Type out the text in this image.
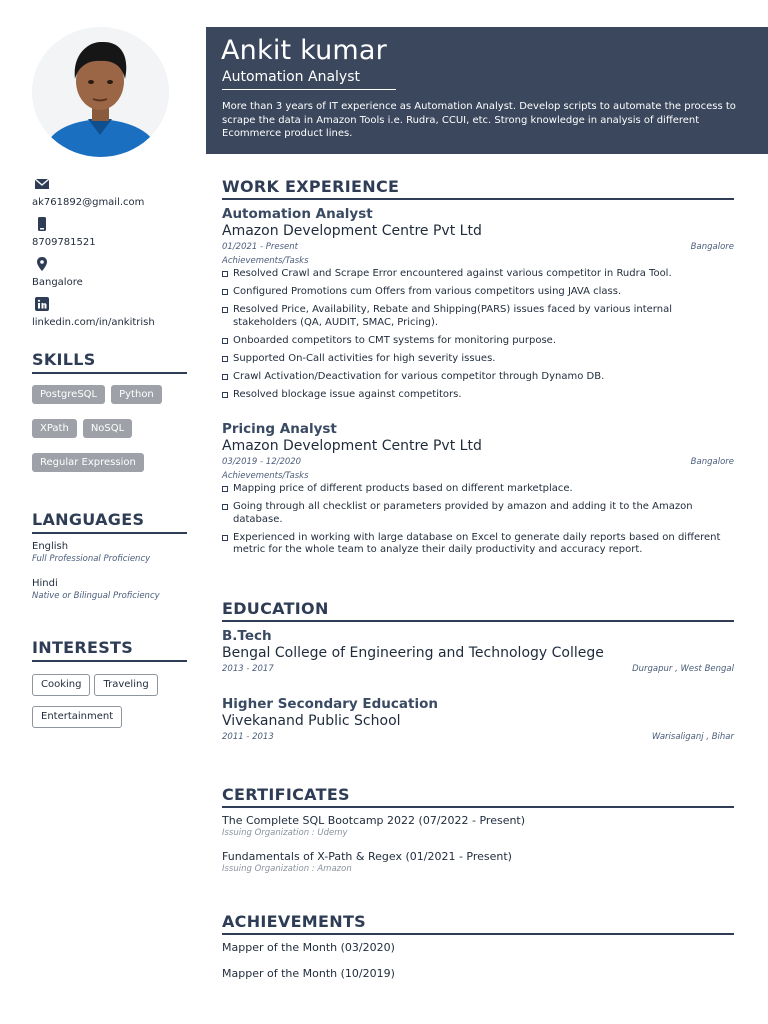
ak761892@gmail.com
8709781521
Bangalore
linkedin.com/in/ankitrish
SKILLS
PostgreSQL Python
XPath NoSQL
Regular Expression
LANGUAGES
English
Full Professional Proficiency
Hindi
Native or Bilingual Proficiency
INTERESTS
Cooking Traveling
Entertainment
Ankit kumar
Automation Analyst
More than 3 years of IT experience as Automation Analyst. Develop scripts to automate the process to scrape the data in Amazon Tools i.e. Rudra, CCUI, etc. Strong knowledge in analysis of different Ecommerce product lines.
WORK EXPERIENCE
Automation Analyst
Amazon Development Centre Pvt Ltd
01/2021 - Present	Bangalore
Achievements/Tasks
Resolved Crawl and Scrape Error encountered against various competitor in Rudra Tool.
Configured Promotions cum Offers from various competitors using JAVA class.
Resolved Price, Availability, Rebate and Shipping(PARS) issues faced by various internal stakeholders (QA, AUDIT, SMAC, Pricing).
Onboarded competitors to CMT systems for monitoring purpose.
Supported On-Call activities for high severity issues.
Crawl Activation/Deactivation for various competitor through Dynamo DB.
Resolved blockage issue against competitors.
Pricing Analyst
Amazon Development Centre Pvt Ltd
03/2019 - 12/2020	Bangalore
Achievements/Tasks
Mapping price of different products based on different marketplace.
Going through all checklist or parameters provided by amazon and adding it to the Amazon database.
Experienced in working with large database on Excel to generate daily reports based on different metric for the whole team to analyze their daily productivity and accuracy report.
EDUCATION
B.Tech
Bengal College of Engineering and Technology College
2013 - 2017	Durgapur , West Bengal
Higher Secondary Education
Vivekanand Public School
2011 - 2013	Warisaliganj , Bihar
CERTIFICATES
The Complete SQL Bootcamp 2022 (07/2022 - Present)
Issuing Organization : Udemy
Fundamentals of X-Path & Regex (01/2021 - Present)
Issuing Organization : Amazon
ACHIEVEMENTS
Mapper of the Month (03/2020)
Mapper of the Month (10/2019)
